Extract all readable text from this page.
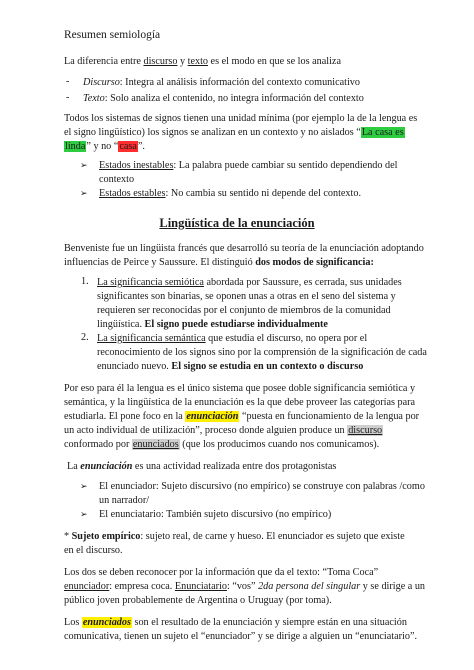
Resumen semiología
La diferencia entre discurso y texto es el modo en que se los analiza
- Discurso: Integra al análisis información del contexto comunicativo
- Texto: Solo analiza el contenido, no integra información del contexto
Todos los sistemas de signos tienen una unidad mínima (por ejemplo la de la lengua es
el signo lingüístico) los signos se analizan en un contexto y no aislados “La casa es
linda” y no “casa”.
➢ Estados inestables: La palabra puede cambiar su sentido dependiendo del
contexto
➢ Estados estables: No cambia su sentido ni depende del contexto.
Lingüística de la enunciación
Benveniste fue un lingüista francés que desarrolló su teoría de la enunciación adoptando
influencias de Peirce y Saussure. El distinguió dos modos de significancia:
1. La significancia semiótica abordada por Saussure, es cerrada, sus unidades
significantes son binarias, se oponen unas a otras en el seno del sistema y
requieren ser reconocidas por el conjunto de miembros de la comunidad
lingüística. El signo puede estudiarse individualmente
2. La significancia semántica que estudia el discurso, no opera por el
reconocimiento de los signos sino por la comprensión de la significación de cada
enunciado nuevo. El signo se estudia en un contexto o discurso
Por eso para él la lengua es el único sistema que posee doble significancia semiótica y
semántica, y la lingüística de la enunciación es la que debe proveer las categorías para
estudiarla. El pone foco en la enunciación “puesta en funcionamiento de la lengua por
un acto individual de utilización”, proceso donde alguien produce un discurso
conformado por enunciados (que los producimos cuando nos comunicamos).
La enunciación es una actividad realizada entre dos protagonistas
➢ El enunciador: Sujeto discursivo (no empírico) se construye con palabras /como
un narrador/
➢ El enunciatario: También sujeto discursivo (no empírico)
* Sujeto empírico: sujeto real, de carne y hueso. El enunciador es sujeto que existe
en el discurso.
Los dos se deben reconocer por la información que da el texto: “Toma Coca”
enunciador: empresa coca. Enunciatario: “vos” 2da persona del singular y se dirige a un
público joven probablemente de Argentina o Uruguay (por toma).
Los enunciados son el resultado de la enunciación y siempre están en una situación
comunicativa, tienen un sujeto el “enunciador” y se dirige a alguien un “enunciatario”.
